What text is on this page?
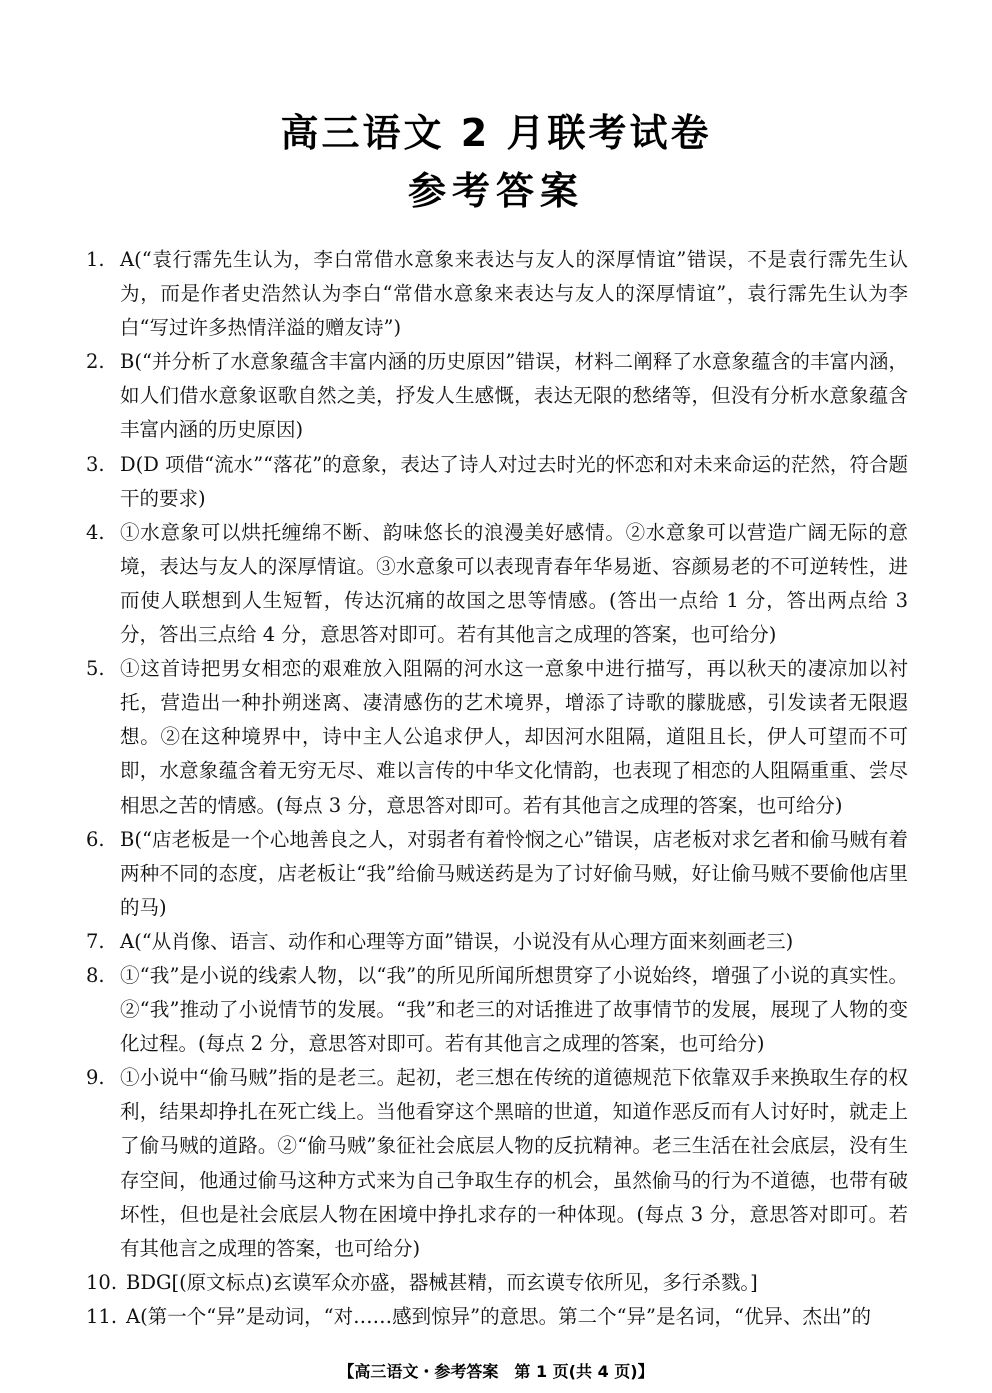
高三语文 2 月联考试卷
参考答案

1. A(“袁行霈先生认为，李白常借水意象来表达与友人的深厚情谊”错误，不是袁行霈先生认为，而是作者史浩然认为李白“常借水意象来表达与友人的深厚情谊”，袁行霈先生认为李白“写过许多热情洋溢的赠友诗”)

2. B(“并分析了水意象蕴含丰富内涵的历史原因”错误，材料二阐释了水意象蕴含的丰富内涵，如人们借水意象讴歌自然之美，抒发人生感慨，表达无限的愁绪等，但没有分析水意象蕴含丰富内涵的历史原因)

3. D(D 项借“流水”“落花”的意象，表达了诗人对过去时光的怀恋和对未来命运的茫然，符合题干的要求)

4. ①水意象可以烘托缠绵不断、韵味悠长的浪漫美好感情。②水意象可以营造广阔无际的意境，表达与友人的深厚情谊。③水意象可以表现青春年华易逝、容颜易老的不可逆转性，进而使人联想到人生短暂，传达沉痛的故国之思等情感。(答出一点给 1 分，答出两点给 3 分，答出三点给 4 分，意思答对即可。若有其他言之成理的答案，也可给分)

5. ①这首诗把男女相恋的艰难放入阻隔的河水这一意象中进行描写，再以秋天的凄凉加以衬托，营造出一种扑朔迷离、凄清感伤的艺术境界，增添了诗歌的朦胧感，引发读者无限遐想。②在这种境界中，诗中主人公追求伊人，却因河水阻隔，道阻且长，伊人可望而不可即，水意象蕴含着无穷无尽、难以言传的中华文化情韵，也表现了相恋的人阻隔重重、尝尽相思之苦的情感。(每点 3 分，意思答对即可。若有其他言之成理的答案，也可给分)

6. B(“店老板是一个心地善良之人，对弱者有着怜悯之心”错误，店老板对求乞者和偷马贼有着两种不同的态度，店老板让“我”给偷马贼送药是为了讨好偷马贼，好让偷马贼不要偷他店里的马)

7. A(“从肖像、语言、动作和心理等方面”错误，小说没有从心理方面来刻画老三)

8. ①“我”是小说的线索人物，以“我”的所见所闻所想贯穿了小说始终，增强了小说的真实性。②“我”推动了小说情节的发展。“我”和老三的对话推进了故事情节的发展，展现了人物的变化过程。(每点 2 分，意思答对即可。若有其他言之成理的答案，也可给分)

9. ①小说中“偷马贼”指的是老三。起初，老三想在传统的道德规范下依靠双手来换取生存的权利，结果却挣扎在死亡线上。当他看穿这个黑暗的世道，知道作恶反而有人讨好时，就走上了偷马贼的道路。②“偷马贼”象征社会底层人物的反抗精神。老三生活在社会底层，没有生存空间，他通过偷马这种方式来为自己争取生存的机会，虽然偷马的行为不道德，也带有破坏性，但也是社会底层人物在困境中挣扎求存的一种体现。(每点 3 分，意思答对即可。若有其他言之成理的答案，也可给分)

10. BDG[(原文标点)玄谟军众亦盛，器械甚精，而玄谟专依所见，多行杀戮。]

11. A(第一个“异”是动词，“对……感到惊异”的意思。第二个“异”是名词，“优异、杰出”的

【高三语文・参考答案　第 1 页(共 4 页)】
